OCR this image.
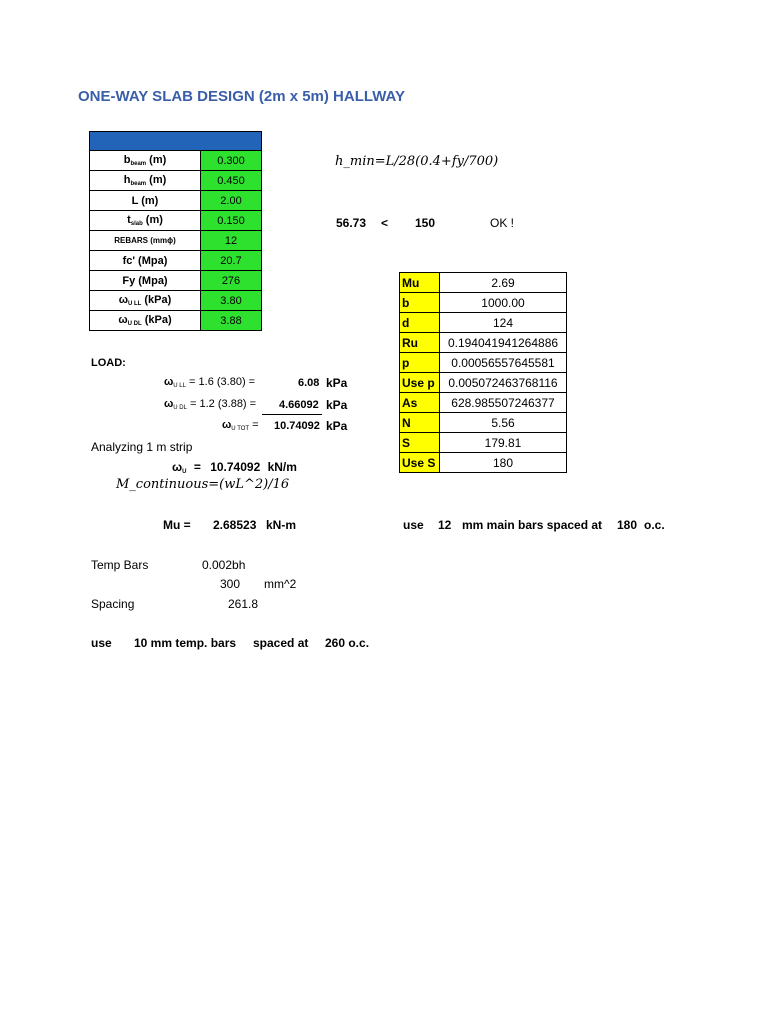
ONE-WAY SLAB DESIGN (2m x 5m) HALLWAY

$b_{beam}$ (m)	0.300
$h_{beam}$ (m)	0.450
L (m)	2.00
$t_{slab}$ (m)	0.150
REBARS (mmϕ)	12
fc' (Mpa)	20.7
Fy (Mpa)	276
$\omega_{U LL}$ (kPa)	3.80
$\omega_{U DL}$ (kPa)	3.88
h_min=L/28(0.4+fy/700)
56.73 < 150	OK !
Mu	2.69
b	1000.00
d	124
Ru	0.194041941264886
p	0.00056557645581
Use p	0.005072463768116
As	628.985507246377
N	5.56
S	179.81
Use S	180
LOAD:
$\omega_{U LL} = 1.6$ (3.80) =	6.08 kPa
$\omega_{U DL} = 1.2$ (3.88) = 4.66092 kPa
$\omega_{U TOT} = 10.74092$ kPa
Analyzing 1 m strip
$\omega_U = 10.74092$ kN/m
M_continuous=(wL^2)/16
Mu = 2.68523 kN-m	use 12 mm main bars spaced at 180 o.c.
Temp Bars	0.002bh
300 mm^2
Spacing	261.8
use 10 mm temp. bars spaced at 260 o.c.
